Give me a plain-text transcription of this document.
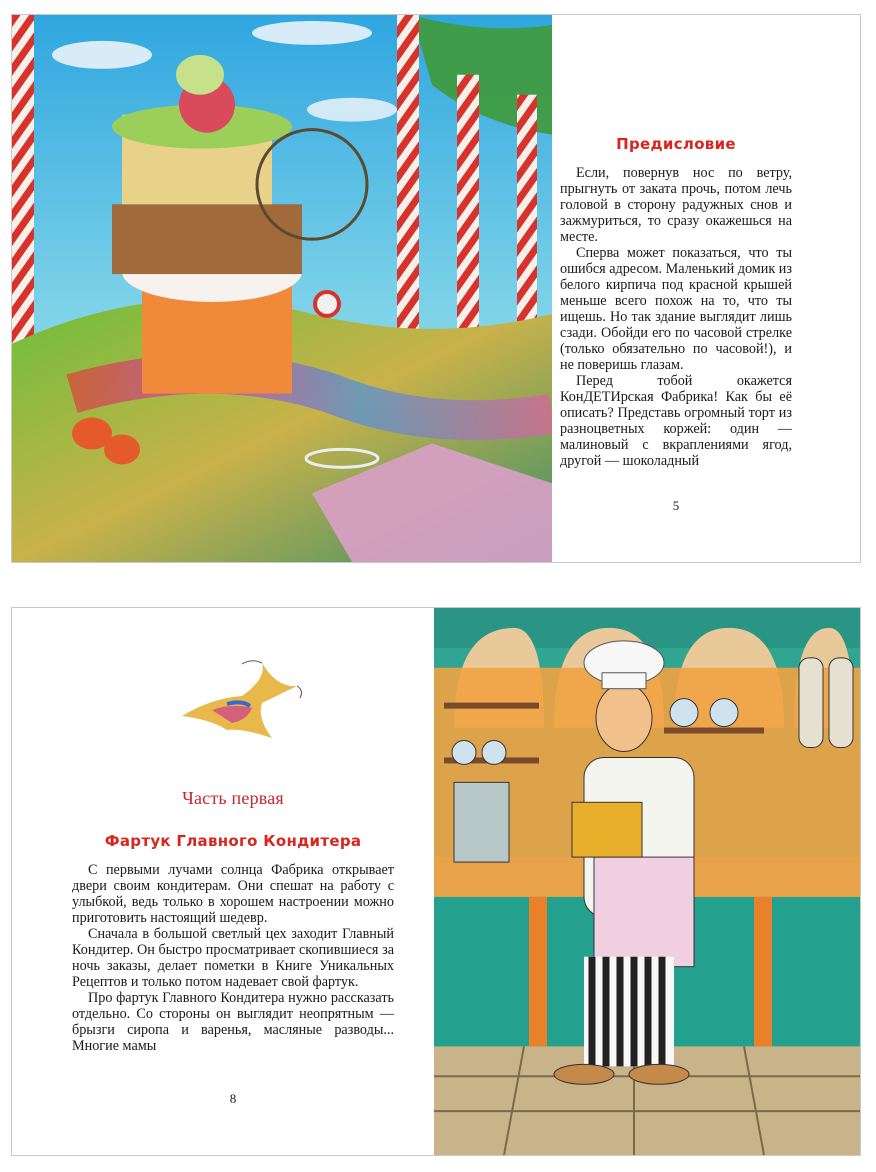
Предисловие

Если, повернув нос по ветру, прыгнуть от заката прочь, потом лечь головой в сторону радужных снов и зажмуриться, то сразу окажешься на месте.

Сперва может показаться, что ты ошибся адресом. Маленький домик из белого кирпича под красной крышей меньше всего похож на то, что ты ищешь. Но так здание выглядит лишь сзади. Обойди его по часовой стрелке (только обязательно по часовой!), и не поверишь глазам.

Перед тобой окажется КонДЕТИрская Фабрика! Как бы её описать? Представь огромный торт из разноцветных коржей: один — малиновый с вкраплениями ягод, другой — шоколадный

5
Часть первая
Фартук Главного Кондитера

С первыми лучами солнца Фабрика открывает двери своим кондитерам. Они спешат на работу с улыбкой, ведь только в хорошем настроении можно приготовить настоящий шедевр.

Сначала в большой светлый цех заходит Главный Кондитер. Он быстро просматривает скопившиеся за ночь заказы, делает пометки в Книге Уникальных Рецептов и только потом надевает свой фартук.

Про фартук Главного Кондитера нужно рассказать отдельно. Со стороны он выглядит неопрятным — брызги сиропа и варенья, масляные разводы... Многие мамы

8
